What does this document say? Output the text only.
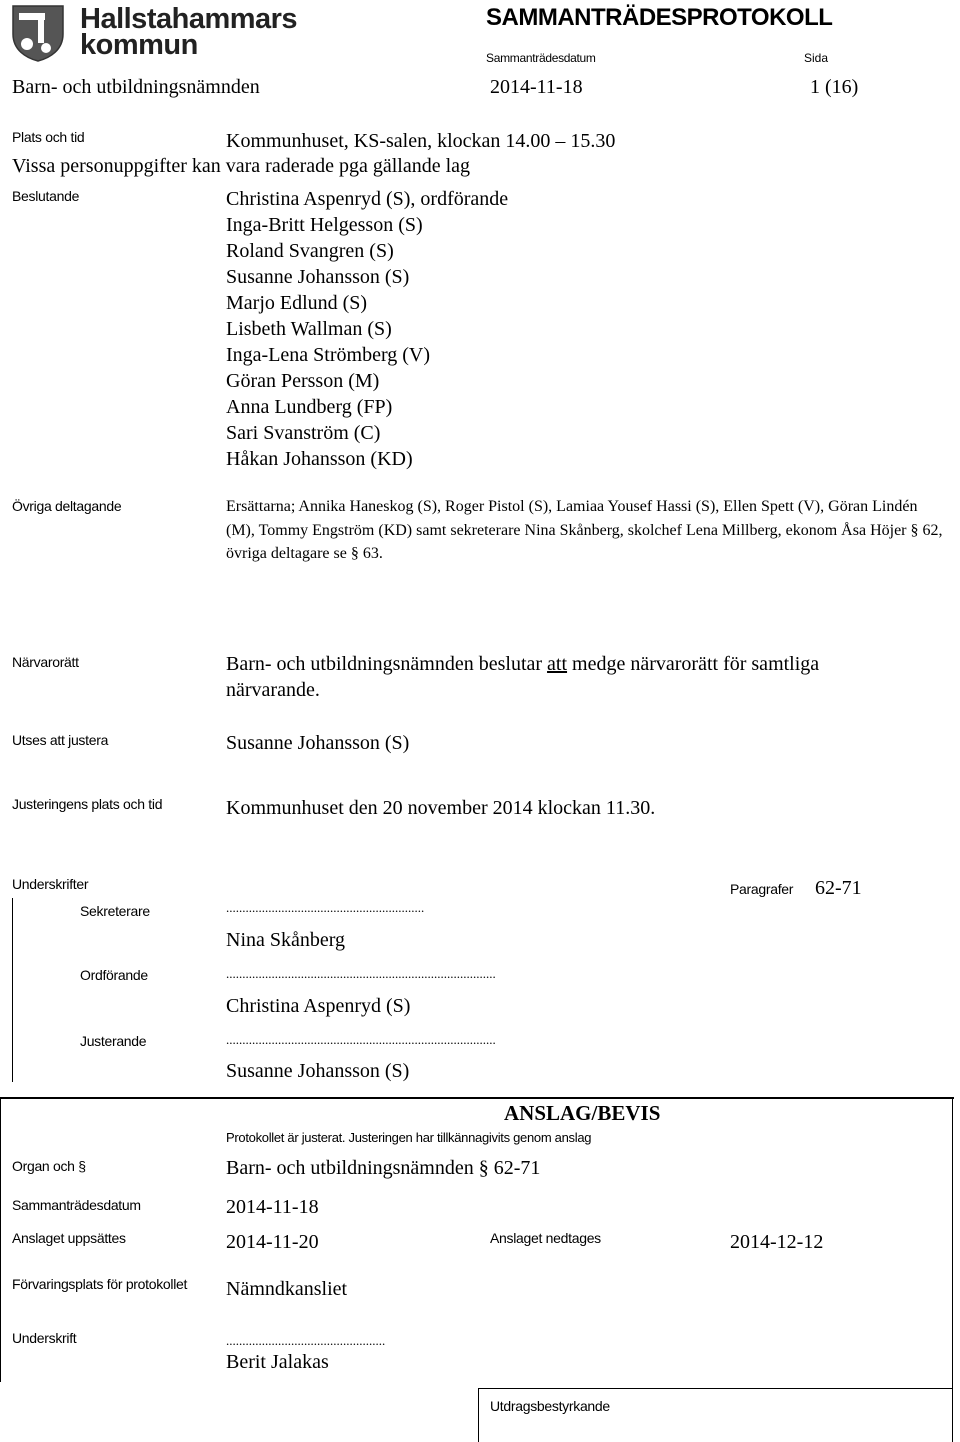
Hallstahammars
kommun
SAMMANTRÄDESPROTOKOLL
Sammanträdesdatum	Sida
Barn- och utbildningsnämnden	2014-11-18	1 (16)
Plats och tid	Kommunhuset, KS-salen, klockan 14.00 – 15.30
Vissa personuppgifter kan vara raderade pga gällande lag
Beslutande	Christina Aspenryd (S), ordförande
Inga-Britt Helgesson (S)
Roland Svangren (S)
Susanne Johansson (S)
Marjo Edlund (S)
Lisbeth Wallman (S)
Inga-Lena Strömberg (V)
Göran Persson (M)
Anna Lundberg (FP)
Sari Svanström (C)
Håkan Johansson (KD)
Övriga deltagande	Ersättarna; Annika Haneskog (S), Roger Pistol (S), Lamiaa Yousef Hassi (S), Ellen Spett (V), Göran Lindén (M), Tommy Engström (KD) samt sekreterare Nina Skånberg, skolchef Lena Millberg, ekonom Åsa Höjer § 62, övriga deltagare se § 63.
Närvarorätt	Barn- och utbildningsnämnden beslutar att medge närvarorätt för samtliga
närvarande.
Utses att justera	Susanne Johansson (S)
Justeringens plats och tid	Kommunhuset den 20 november 2014 klockan 11.30.
Underskrifter	Paragrafer 62-71
Sekreterare	.............................................................
Nina Skånberg
Ordförande	...................................................................................
Christina Aspenryd (S)
Justerande	...................................................................................
Susanne Johansson (S)
ANSLAG/BEVIS
Protokollet är justerat. Justeringen har tillkännagivits genom anslag
Organ och §	Barn- och utbildningsnämnden § 62-71
Sammanträdesdatum	2014-11-18
Anslaget uppsättes	2014-11-20	Anslaget nedtages	2014-12-12
Förvaringsplats för protokollet Nämndkansliet
Underskrift	.................................................
Berit Jalakas
Utdragsbestyrkande
